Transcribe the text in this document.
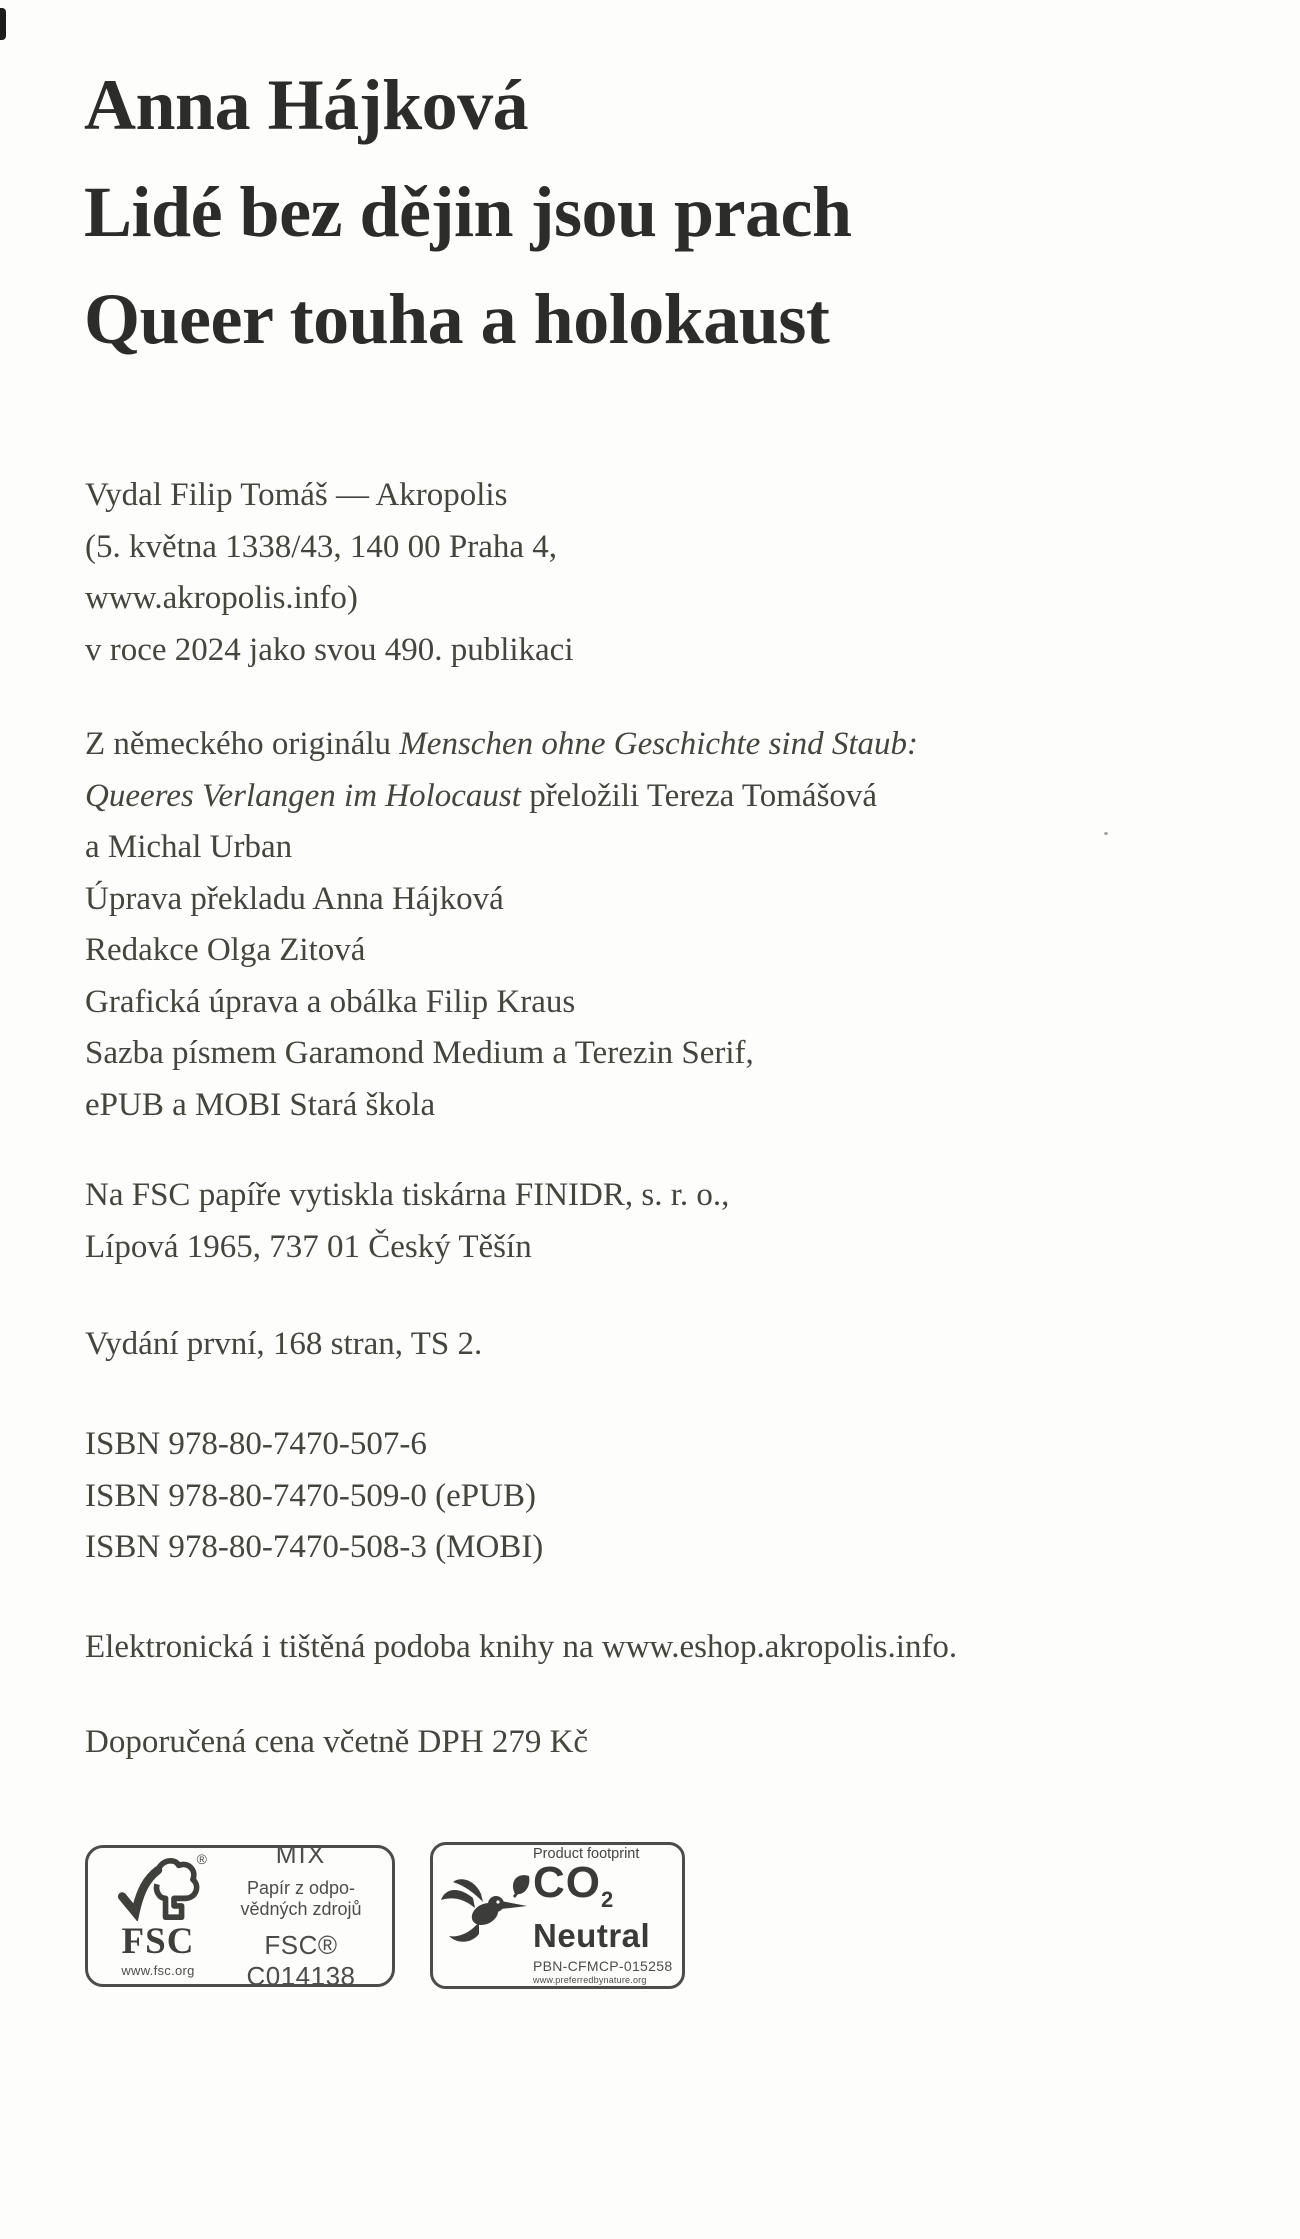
Anna Hájková
Lidé bez dějin jsou prach
Queer touha a holokaust
Vydal Filip Tomáš — Akropolis
(5. května 1338/43, 140 00 Praha 4,
www.akropolis.info)
v roce 2024 jako svou 490. publikaci
Z německého originálu Menschen ohne Geschichte sind Staub:
Queeres Verlangen im Holocaust přeložili Tereza Tomášová
a Michal Urban
Úprava překladu Anna Hájková
Redakce Olga Zitová
Grafická úprava a obálka Filip Kraus
Sazba písmem Garamond Medium a Terezin Serif,
ePUB a MOBI Stará škola
Na FSC papíře vytiskla tiskárna FINIDR, s. r. o.,
Lípová 1965, 737 01 Český Těšín
Vydání první, 168 stran, TS 2.
ISBN 978-80-7470-507-6
ISBN 978-80-7470-509-0 (ePUB)
ISBN 978-80-7470-508-3 (MOBI)
Elektronická i tištěná podoba knihy na www.eshop.akropolis.info.
Doporučená cena včetně DPH 279 Kč
®
FSC
www.fsc.org
MIX
Papír z odpo-
vědných zdrojů
FSC® C014138
Product footprint
$CO_2$
Neutral
PBN-CFMCP-015258
www.preferredbynature.org
